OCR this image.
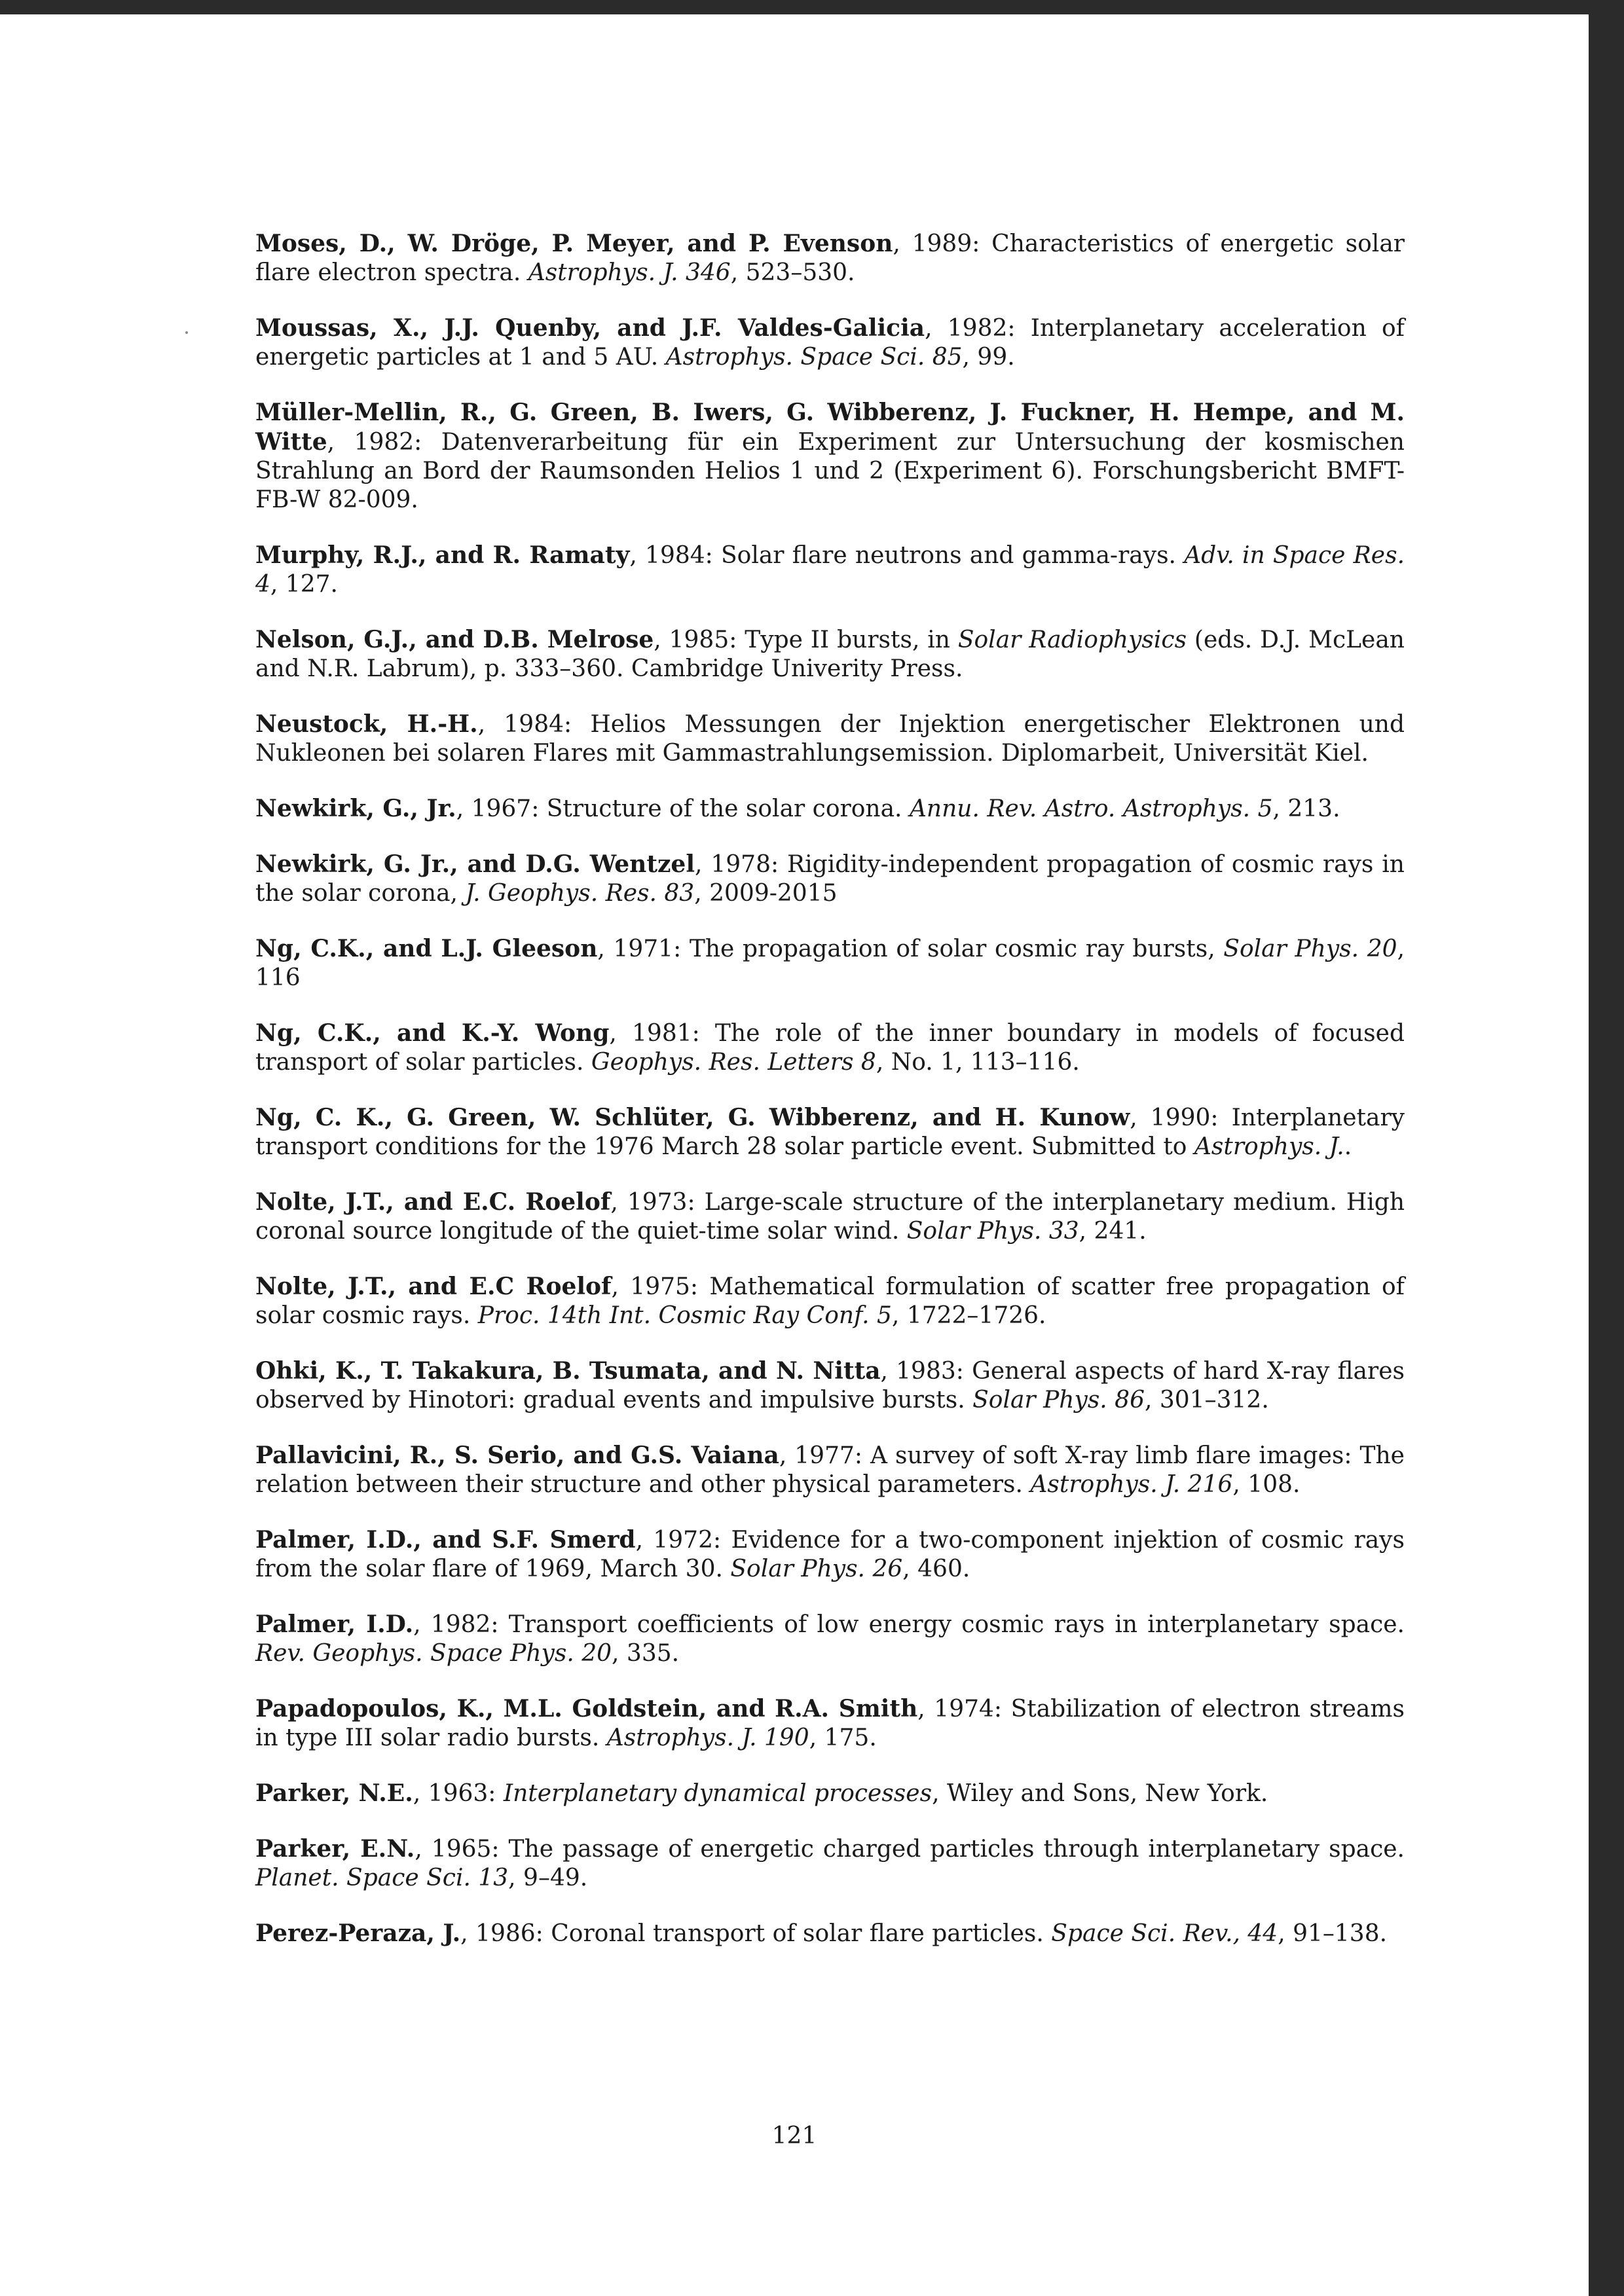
Moses, D., W. Dröge, P. Meyer, and P. Evenson, 1989: Characteristics of energetic solar flare electron spectra. Astrophys. J. 346, 523–530.

Moussas, X., J.J. Quenby, and J.F. Valdes-Galicia, 1982: Interplanetary acceleration of energetic particles at 1 and 5 AU. Astrophys. Space Sci. 85, 99.

Müller-Mellin, R., G. Green, B. Iwers, G. Wibberenz, J. Fuckner, H. Hempe, and M. Witte, 1982: Datenverarbeitung für ein Experiment zur Untersuchung der kosmischen Strahlung an Bord der Raumsonden Helios 1 und 2 (Experiment 6). Forschungsbericht BMFT-FB-W 82-009.

Murphy, R.J., and R. Ramaty, 1984: Solar flare neutrons and gamma-rays. Adv. in Space Res. 4, 127.

Nelson, G.J., and D.B. Melrose, 1985: Type II bursts, in Solar Radiophysics (eds. D.J. McLean and N.R. Labrum), p. 333–360. Cambridge Univerity Press.

Neustock, H.-H., 1984: Helios Messungen der Injektion energetischer Elektronen und Nukleonen bei solaren Flares mit Gammastrahlungsemission. Diplomarbeit, Universität Kiel.

Newkirk, G., Jr., 1967: Structure of the solar corona. Annu. Rev. Astro. Astrophys. 5, 213.

Newkirk, G. Jr., and D.G. Wentzel, 1978: Rigidity-independent propagation of cosmic rays in the solar corona, J. Geophys. Res. 83, 2009-2015

Ng, C.K., and L.J. Gleeson, 1971: The propagation of solar cosmic ray bursts, Solar Phys. 20, 116

Ng, C.K., and K.-Y. Wong, 1981: The role of the inner boundary in models of focused transport of solar particles. Geophys. Res. Letters 8, No. 1, 113–116.

Ng, C. K., G. Green, W. Schlüter, G. Wibberenz, and H. Kunow, 1990: Interplanetary transport conditions for the 1976 March 28 solar particle event. Submitted to Astrophys. J..

Nolte, J.T., and E.C. Roelof, 1973: Large-scale structure of the interplanetary medium. High coronal source longitude of the quiet-time solar wind. Solar Phys. 33, 241.

Nolte, J.T., and E.C Roelof, 1975: Mathematical formulation of scatter free propagation of solar cosmic rays. Proc. 14th Int. Cosmic Ray Conf. 5, 1722–1726.

Ohki, K., T. Takakura, B. Tsumata, and N. Nitta, 1983: General aspects of hard X-ray flares observed by Hinotori: gradual events and impulsive bursts. Solar Phys. 86, 301–312.

Pallavicini, R., S. Serio, and G.S. Vaiana, 1977: A survey of soft X-ray limb flare images: The relation between their structure and other physical parameters. Astrophys. J. 216, 108.

Palmer, I.D., and S.F. Smerd, 1972: Evidence for a two-component injektion of cosmic rays from the solar flare of 1969, March 30. Solar Phys. 26, 460.

Palmer, I.D., 1982: Transport coefficients of low energy cosmic rays in interplanetary space. Rev. Geophys. Space Phys. 20, 335.

Papadopoulos, K., M.L. Goldstein, and R.A. Smith, 1974: Stabilization of electron streams in type III solar radio bursts. Astrophys. J. 190, 175.

Parker, N.E., 1963: Interplanetary dynamical processes, Wiley and Sons, New York.

Parker, E.N., 1965: The passage of energetic charged particles through interplanetary space. Planet. Space Sci. 13, 9–49.

Perez-Peraza, J., 1986: Coronal transport of solar flare particles. Space Sci. Rev., 44, 91–138.

121
